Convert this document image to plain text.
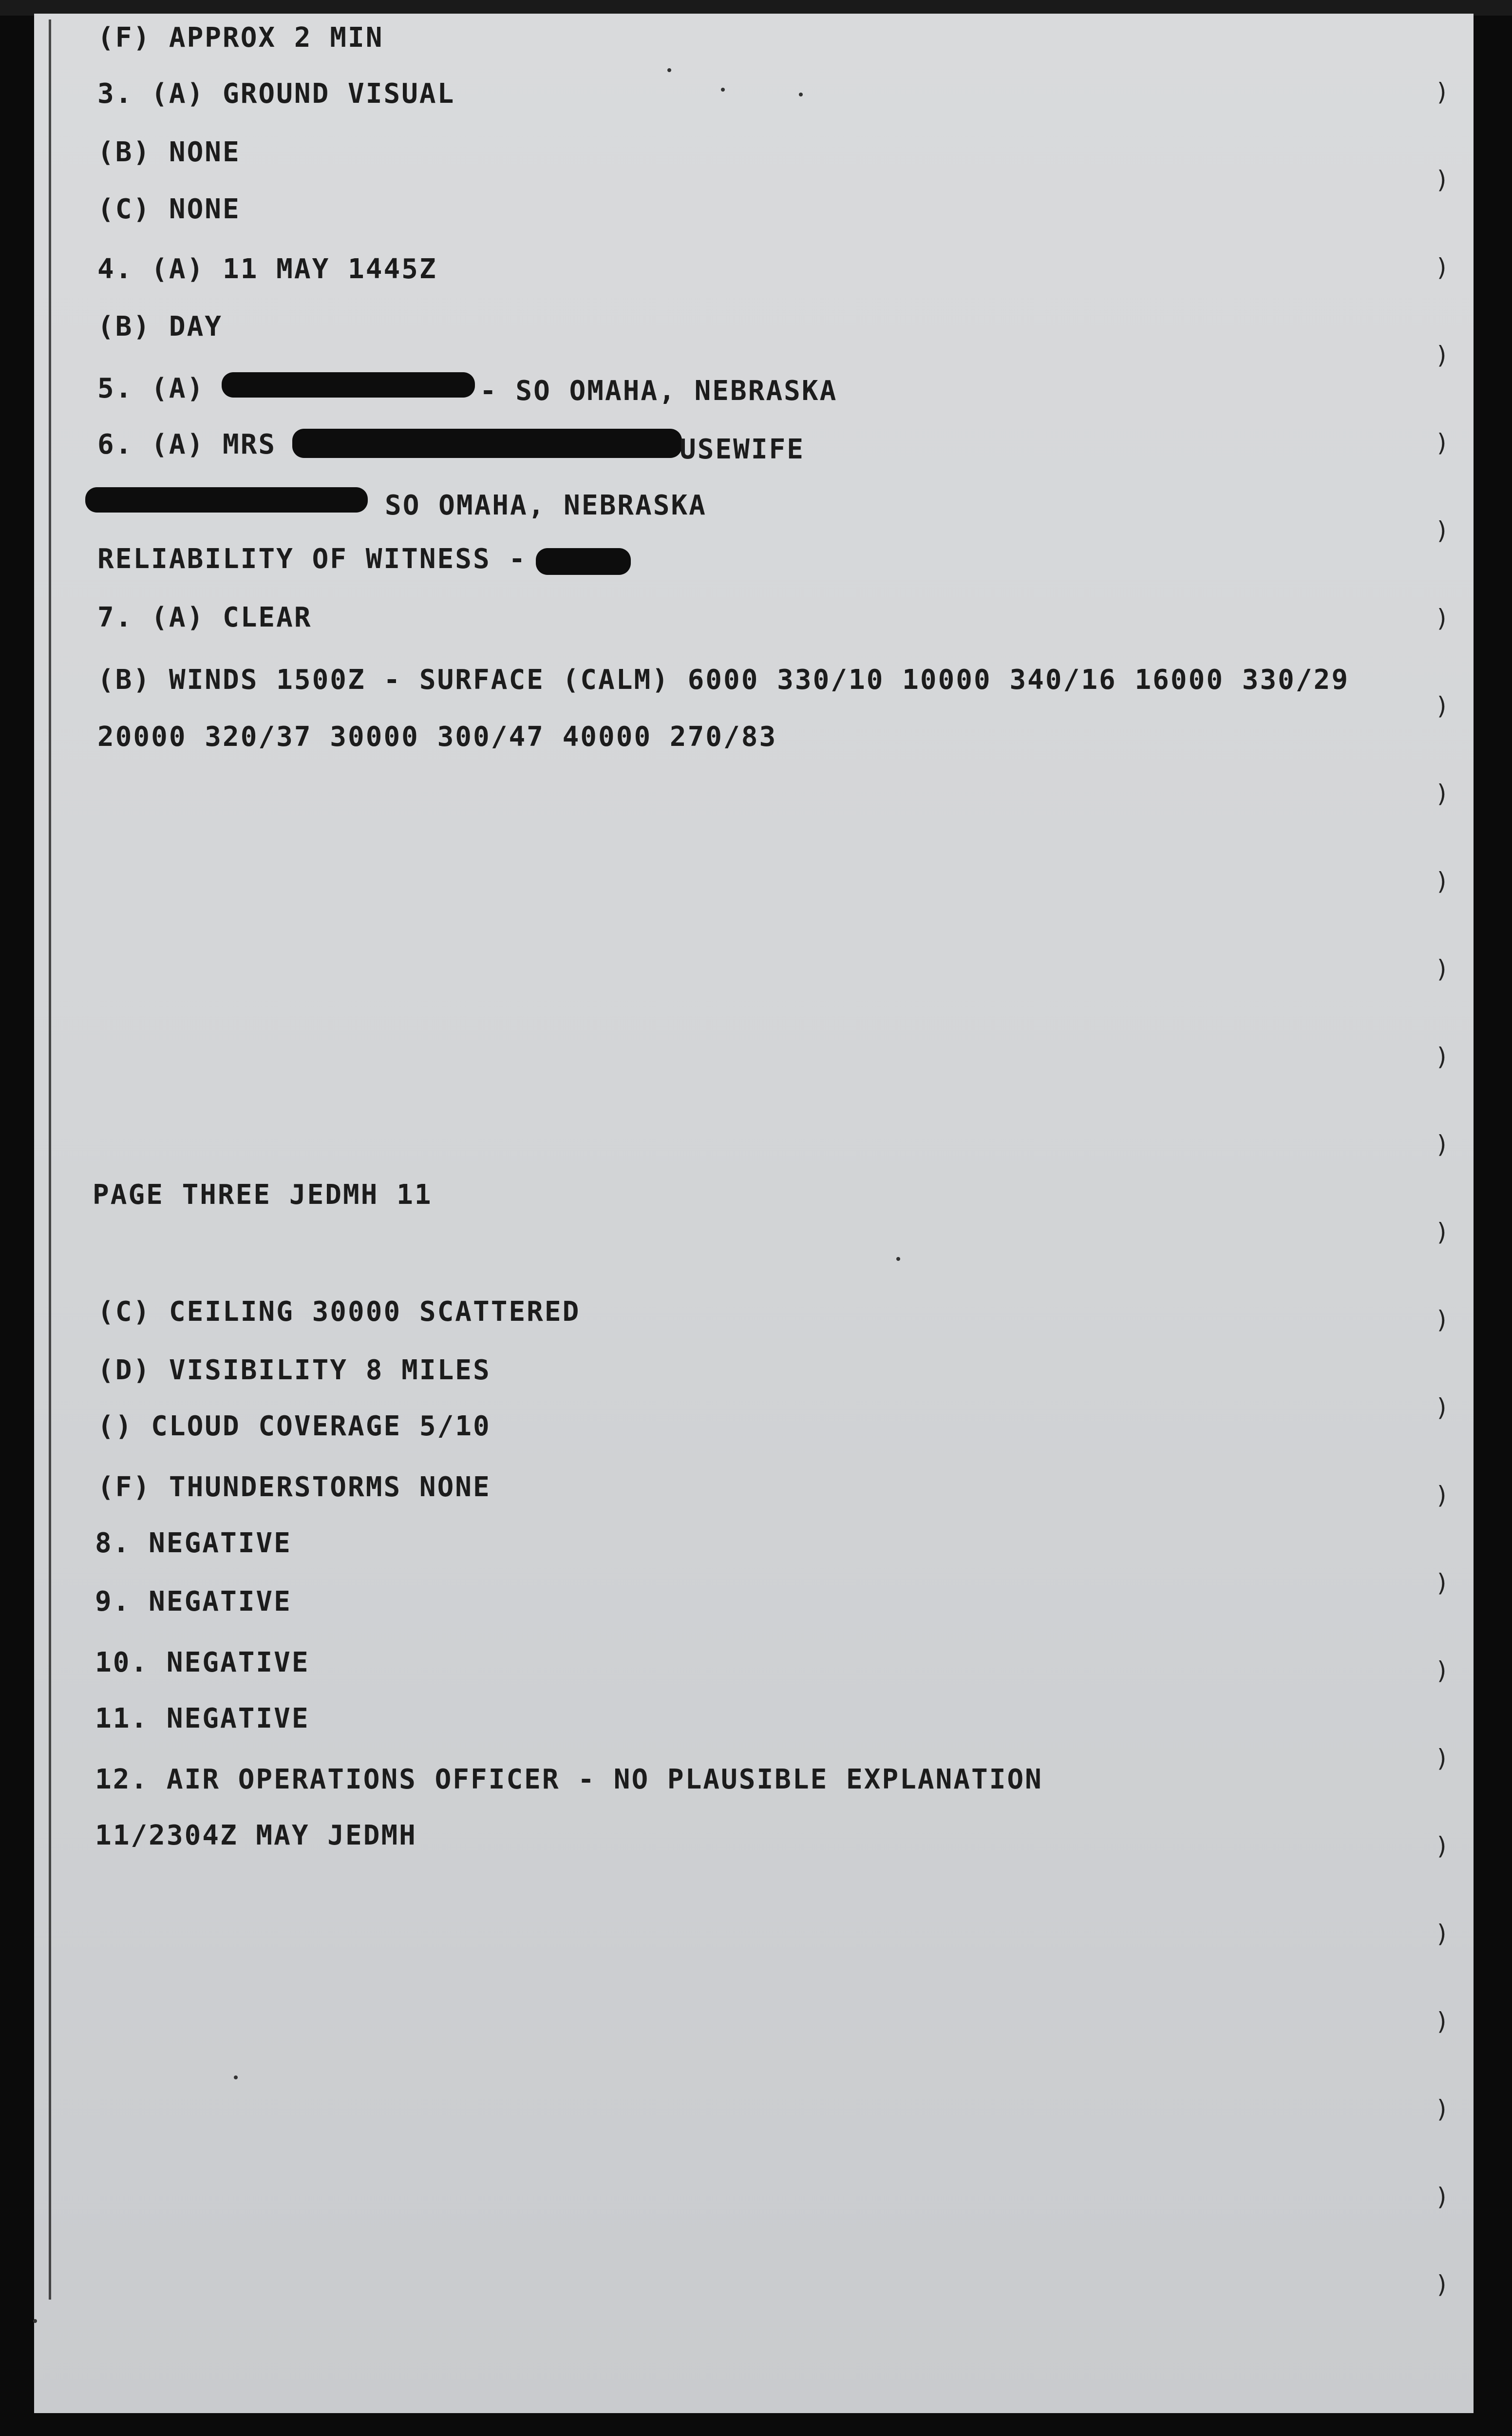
(F) APPROX 2 MIN
3. (A) GROUND VISUAL
(B) NONE
(C) NONE
4. (A) 11 MAY 1445Z
(B) DAY
5. (A)	- SO OMAHA, NEBRASKA
6. (A) MRS	USEWIFE
SO OMAHA, NEBRASKA
RELIABILITY OF WITNESS -
7. (A) CLEAR
(B) WINDS 1500Z - SURFACE (CALM) 6000 330/10 10000 340/16 16000 330/29
20000 320/37 30000 300/47 40000 270/83
PAGE THREE JEDMH 11
(C) CEILING 30000 SCATTERED
(D) VISIBILITY 8 MILES
() CLOUD COVERAGE 5/10
(F) THUNDERSTORMS NONE
8. NEGATIVE
9. NEGATIVE
10. NEGATIVE
11. NEGATIVE
12. AIR OPERATIONS OFFICER - NO PLAUSIBLE EXPLANATION
11/2304Z MAY JEDMH
)
)
)
)
)
)
)
)
)
)
)
)
)
)
)
)
)
)
)
)
)
)
)
)
)
)
